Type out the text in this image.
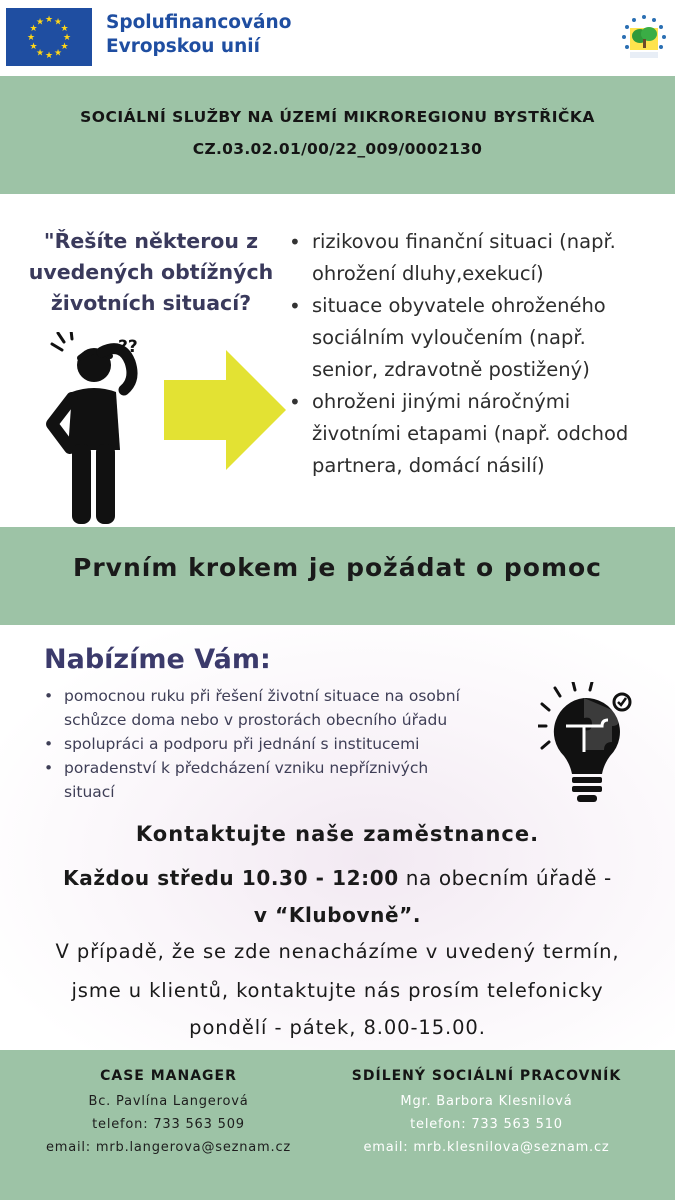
★ ★
★
★
★
★
★
★
★
★
★
★	Spolufinancováno
Evropskou unií
SOCIÁLNÍ SLUŽBY NA ÚZEMÍ MIKROREGIONU BYSTŘIČKA
CZ.03.02.01/00/22_009/0002130
"Řešíte některou z
uvedených obtížných
životních situací?
??
• rizikovou finanční situaci (např.
ohrožení dluhy,exekucí)
• situace obyvatele ohroženého
sociálním vyloučením (např.
senior, zdravotně postižený)
• ohroženi jinými náročnými
životními etapami (např. odchod
partnera, domácí násilí)
Prvním krokem je požádat o pomoc
Nabízíme Vám:
• pomocnou ruku při řešení životní situace na osobní
schůzce doma nebo v prostorách obecního úřadu
• spolupráci a podporu při jednání s institucemi
• poradenství k předcházení vzniku nepříznivých
situací
Kontaktujte naše zaměstnance.
Každou středu 10.30 - 12:00 na obecním úřadě -
v “Klubovně”.
V případě, že se zde nenacházíme v uvedený termín,
jsme u klientů, kontaktujte nás prosím telefonicky
pondělí - pátek, 8.00-15.00.
CASE MANAGER
Bc. Pavlína Langerová
telefon: 733 563 509
email: mrb.langerova@seznam.cz
SDÍLENÝ SOCIÁLNÍ PRACOVNÍK
Mgr. Barbora Klesnilová
telefon: 733 563 510
email: mrb.klesnilova@seznam.cz
